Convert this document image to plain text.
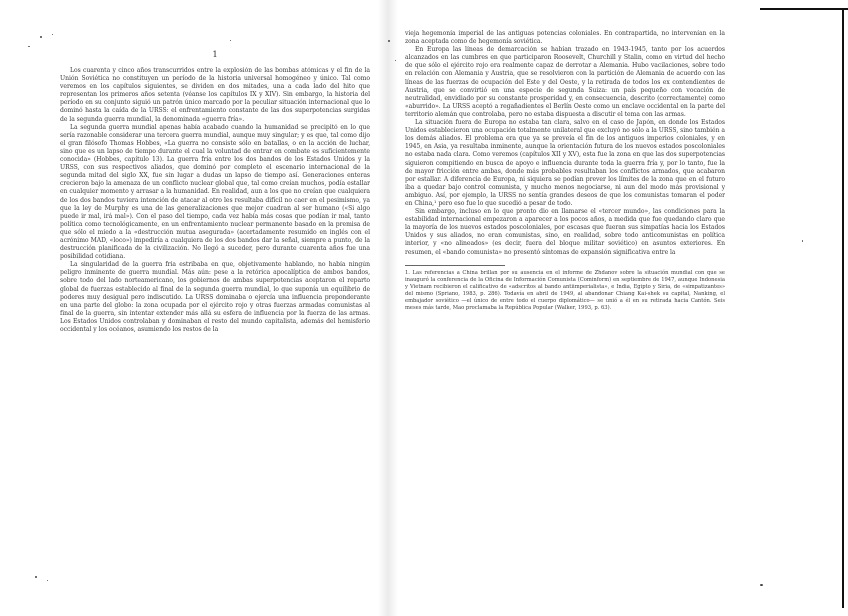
1

Los cuarenta y cinco años transcurridos entre la explosión de las bombas atómicas y el fin de la Unión Soviética no constituyen un período de la historia universal homogéneo y único. Tal como veremos en los capítulos siguientes, se dividen en dos mitades, una a cada lado del hito que representan los primeros años setenta (véanse los capítulos IX y XIV). Sin embargo, la historia del período en su conjunto siguió un patrón único marcado por la peculiar situación internacional que lo dominó hasta la caída de la URSS: el enfrentamiento constante de las dos superpotencias surgidas de la segunda guerra mundial, la denominada «guerra fría».

La segunda guerra mundial apenas había acabado cuando la humanidad se precipitó en lo que sería razonable considerar una tercera guerra mundial, aunque muy singular; y es que, tal como dijo el gran filósofo Thomas Hobbes, «La guerra no consiste sólo en batallas, o en la acción de luchar, sino que es un lapso de tiempo durante el cual la voluntad de entrar en combate es suficientemente conocida» (Hobbes, capítulo 13). La guerra fría entre los dos bandos de los Estados Unidos y la URSS, con sus respectivos aliados, que dominó por completo el escenario internacional de la segunda mitad del siglo XX, fue sin lugar a dudas un lapso de tiempo así. Generaciones enteras crecieron bajo la amenaza de un conflicto nuclear global que, tal como creían muchos, podía estallar en cualquier momento y arrasar a la humanidad. En realidad, aun a los que no creían que cualquiera de los dos bandos tuviera intención de atacar al otro les resultaba difícil no caer en el pesimismo, ya que la ley de Murphy es una de las generalizaciones que mejor cuadran al ser humano («Si algo puede ir mal, irá mal»). Con el paso del tiempo, cada vez había más cosas que podían ir mal, tanto política como tecnológicamente, en un enfrentamiento nuclear permanente basado en la premisa de que sólo el miedo a la «destrucción mutua asegurada» (acertadamente resumido en inglés con el acrónimo MAD, «loco») impediría a cualquiera de los dos bandos dar la señal, siempre a punto, de la destrucción planificada de la civilización. No llegó a suceder, pero durante cuarenta años fue una posibilidad cotidiana.

La singularidad de la guerra fría estribaba en que, objetivamente hablando, no había ningún peligro inminente de guerra mundial. Más aún: pese a la retórica apocalíptica de ambos bandos, sobre todo del lado norteamericano, los gobiernos de ambas superpotencias aceptaron el reparto global de fuerzas establecido al final de la segunda guerra mundial, lo que suponía un equilibrio de poderes muy desigual pero indiscutido. La URSS dominaba o ejercía una influencia preponderante en una parte del globo: la zona ocupada por el ejército rojo y otras fuerzas armadas comunistas al final de la guerra, sin intentar extender más allá su esfera de influencia por la fuerza de las armas. Los Estados Unidos controlaban y dominaban el resto del mundo capitalista, además del hemisferio occidental y los océanos, asumiendo los restos de la

vieja hegemonía imperial de las antiguas potencias coloniales. En contrapartida, no intervenían en la zona aceptada como de hegemonía soviética.

En Europa las líneas de demarcación se habían trazado en 1943-1945, tanto por los acuerdos alcanzados en las cumbres en que participaron Roosevelt, Churchill y Stalin, como en virtud del hecho de que sólo el ejército rojo era realmente capaz de derrotar a Alemania. Hubo vacilaciones, sobre todo en relación con Alemania y Austria, que se resolvieron con la partición de Alemania de acuerdo con las líneas de las fuerzas de ocupación del Este y del Oeste, y la retirada de todos los ex contendientes de Austria, que se convirtió en una especie de segunda Suiza: un país pequeño con vocación de neutralidad, envidiado por su constante prosperidad y, en consecuencia, descrito (correctamente) como «aburrido». La URSS aceptó a regañadientes el Berlín Oeste como un enclave occidental en la parte del territorio alemán que controlaba, pero no estaba dispuesta a discutir el tema con las armas.

La situación fuera de Europa no estaba tan clara, salvo en el caso de Japón, en donde los Estados Unidos establecieron una ocupación totalmente unilateral que excluyó no sólo a la URSS, sino también a los demás aliados. El problema era que ya se preveía el fin de los antiguos imperios coloniales, y en 1945, en Asia, ya resultaba inminente, aunque la orientación futura de los nuevos estados poscoloniales no estaba nada clara. Como veremos (capítulos XII y XV), esta fue la zona en que las dos superpotencias siguieron compitiendo en busca de apoyo e influencia durante toda la guerra fría y, por lo tanto, fue la de mayor fricción entre ambas, donde más probables resultaban los conflictos armados, que acabaron por estallar. A diferencia de Europa, ni siquiera se podían prever los límites de la zona que en el futuro iba a quedar bajo control comunista, y mucho menos negociarse, ni aun del modo más provisional y ambiguo. Así, por ejemplo, la URSS no sentía grandes deseos de que los comunistas tomaran el poder en China,¹ pero eso fue lo que sucedió a pesar de todo.

Sin embargo, incluso en lo que pronto dio en llamarse el «tercer mundo», las condiciones para la estabilidad internacional empezaron a aparecer a los pocos años, a medida que fue quedando claro que la mayoría de los nuevos estados poscoloniales, por escasas que fueran sus simpatías hacia los Estados Unidos y sus aliados, no eran comunistas, sino, en realidad, sobre todo anticomunistas en política interior, y «no alineados» (es decir, fuera del bloque militar soviético) en asuntos exteriores. En resumen, el «bando comunista» no presentó síntomas de expansión significativa entre la

1. Las referencias a China brillan por su ausencia en el informe de Zhdanov sobre la situación mundial con que se inauguró la conferencia de la Oficina de Información Comunista (Cominform) en septiembre de 1947, aunque Indonesia y Vietnam recibieron el calificativo de «adscritos al bando antiimperialista», e India, Egipto y Siria, de «simpatizantes» del mismo (Spriano, 1983, p. 286). Todavía en abril de 1949, al abandonar Chiang Kai-shek su capital, Nanking, el embajador soviético —el único de entre todo el cuerpo diplomático— se unió a él en su retirada hacia Cantón. Seis meses más tarde, Mao proclamaba la República Popular (Walker, 1993, p. 63).
